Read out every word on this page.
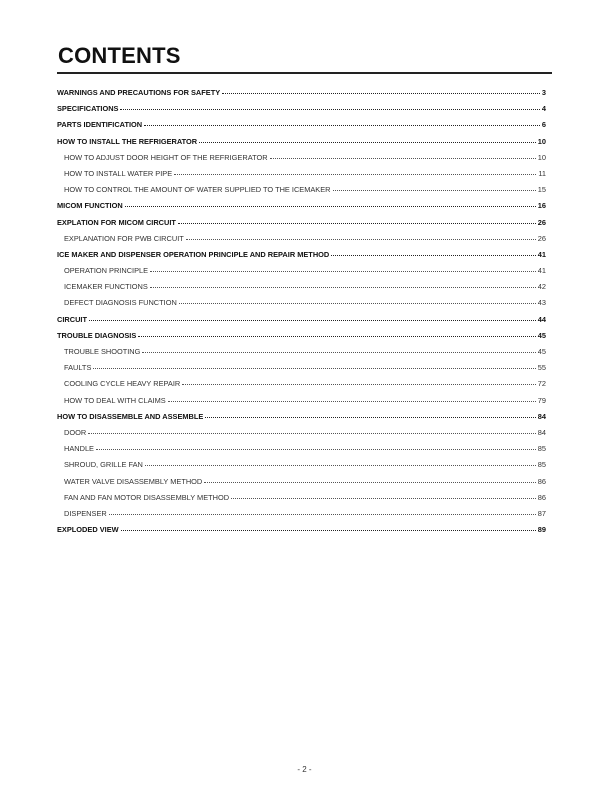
CONTENTS
WARNINGS AND PRECAUTIONS FOR SAFETY	3
SPECIFICATIONS	4
PARTS IDENTIFICATION	6
HOW TO INSTALL THE REFRIGERATOR	10
HOW TO ADJUST DOOR HEIGHT OF THE REFRIGERATOR	10
HOW TO INSTALL WATER PIPE	11
HOW TO CONTROL THE AMOUNT OF WATER SUPPLIED TO THE ICEMAKER	15
MICOM FUNCTION	16
EXPLATION FOR MICOM CIRCUIT	26
EXPLANATION FOR PWB CIRCUIT	26
ICE MAKER AND DISPENSER OPERATION PRINCIPLE AND REPAIR METHOD	41
OPERATION PRINCIPLE	41
ICEMAKER FUNCTIONS	42
DEFECT DIAGNOSIS FUNCTION	43
CIRCUIT	44
TROUBLE DIAGNOSIS	45
TROUBLE SHOOTING	45
FAULTS	55
COOLING CYCLE HEAVY REPAIR	72
HOW TO DEAL WITH CLAIMS	79
HOW TO DISASSEMBLE AND ASSEMBLE	84
DOOR	84
HANDLE	85
SHROUD, GRILLE FAN	85
WATER VALVE DISASSEMBLY METHOD	86
FAN AND FAN MOTOR DISASSEMBLY METHOD	86
DISPENSER	87
EXPLODED VIEW	89
- 2 -
